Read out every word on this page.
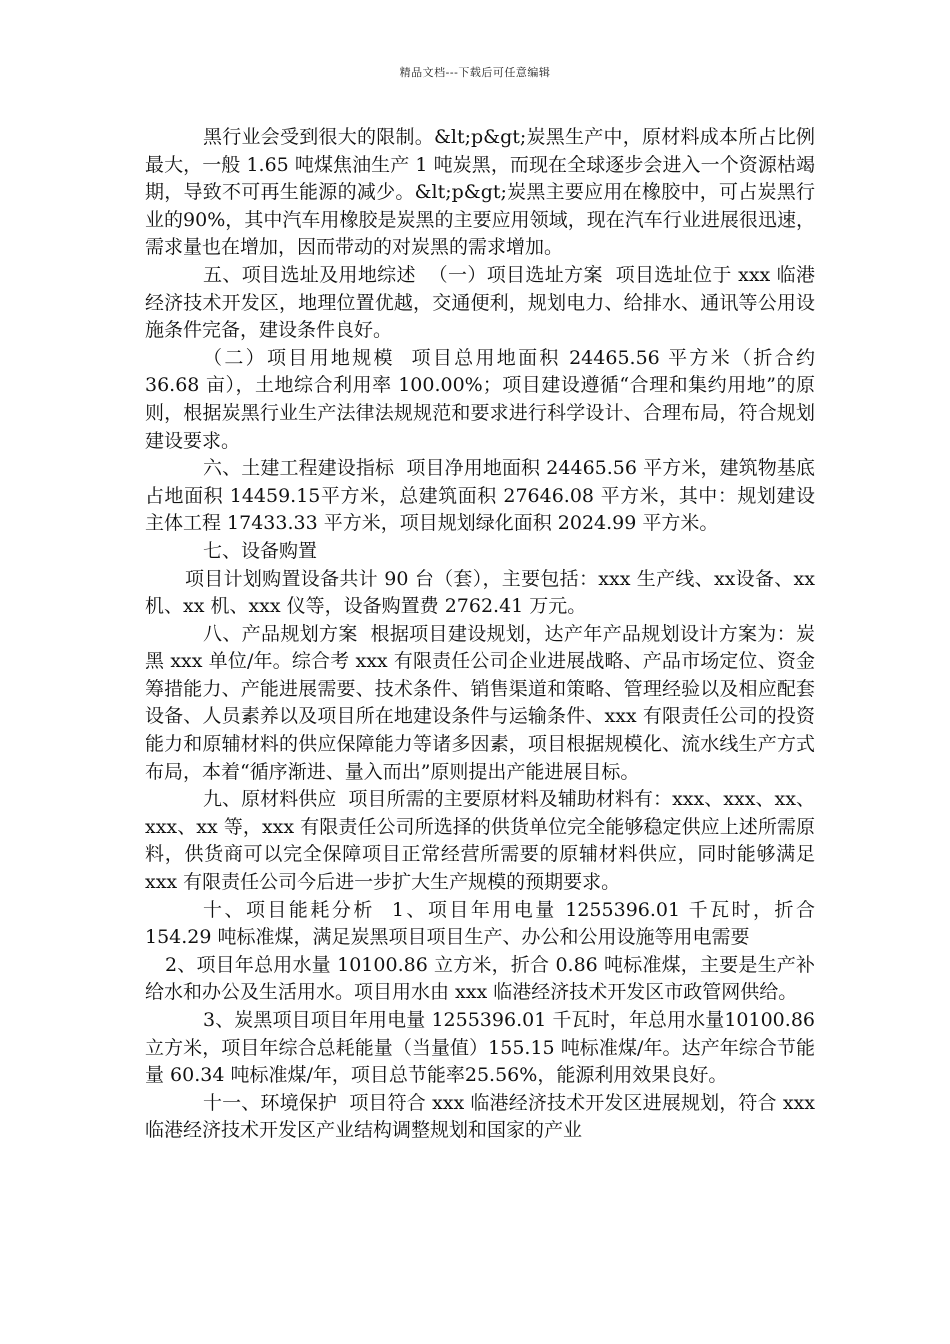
精品文档---下载后可任意编辑

黑行业会受到很大的限制。&lt;p&gt;炭黑生产中，原材料成本所占比例最大，一般 1.65 吨煤焦油生产 1 吨炭黑，而现在全球逐步会进入一个资源枯竭期，导致不可再生能源的减少。&lt;p&gt;炭黑主要应用在橡胶中，可占炭黑行业的90%，其中汽车用橡胶是炭黑的主要应用领域，现在汽车行业进展很迅速，需求量也在增加，因而带动的对炭黑的需求增加。

五、项目选址及用地综述  （一）项目选址方案  项目选址位于 xxx 临港经济技术开发区，地理位置优越，交通便利，规划电力、给排水、通讯等公用设施条件完备，建设条件良好。

（二）项目用地规模  项目总用地面积 24465.56 平方米（折合约 36.68 亩），土地综合利用率 100.00%；项目建设遵循“合理和集约用地”的原则，根据炭黑行业生产法律法规规范和要求进行科学设计、合理布局，符合规划建设要求。

六、土建工程建设指标  项目净用地面积 24465.56 平方米，建筑物基底占地面积 14459.15平方米，总建筑面积 27646.08 平方米，其中：规划建设主体工程 17433.33 平方米，项目规划绿化面积 2024.99 平方米。

七、设备购置

项目计划购置设备共计 90 台（套），主要包括：xxx 生产线、xx设备、xx 机、xx 机、xxx 仪等，设备购置费 2762.41 万元。

八、产品规划方案  根据项目建设规划，达产年产品规划设计方案为：炭黑 xxx 单位/年。综合考 xxx 有限责任公司企业进展战略、产品市场定位、资金筹措能力、产能进展需要、技术条件、销售渠道和策略、管理经验以及相应配套设备、人员素养以及项目所在地建设条件与运输条件、xxx 有限责任公司的投资能力和原辅材料的供应保障能力等诸多因素，项目根据规模化、流水线生产方式布局，本着“循序渐进、量入而出”原则提出产能进展目标。

九、原材料供应  项目所需的主要原材料及辅助材料有：xxx、xxx、xx、xxx、xx 等，xxx 有限责任公司所选择的供货单位完全能够稳定供应上述所需原料，供货商可以完全保障项目正常经营所需要的原辅材料供应，同时能够满足 xxx 有限责任公司今后进一步扩大生产规模的预期要求。

十、项目能耗分析  1、项目年用电量 1255396.01 千瓦时，折合 154.29 吨标准煤，满足炭黑项目项目生产、办公和公用设施等用电需要

2、项目年总用水量 10100.86 立方米，折合 0.86 吨标准煤，主要是生产补给水和办公及生活用水。项目用水由 xxx 临港经济技术开发区市政管网供给。

3、炭黑项目项目年用电量 1255396.01 千瓦时，年总用水量10100.86 立方米，项目年综合总耗能量（当量值）155.15 吨标准煤/年。达产年综合节能量 60.34 吨标准煤/年，项目总节能率25.56%，能源利用效果良好。

十一、环境保护  项目符合 xxx 临港经济技术开发区进展规划，符合 xxx 临港经济技术开发区产业结构调整规划和国家的产业
